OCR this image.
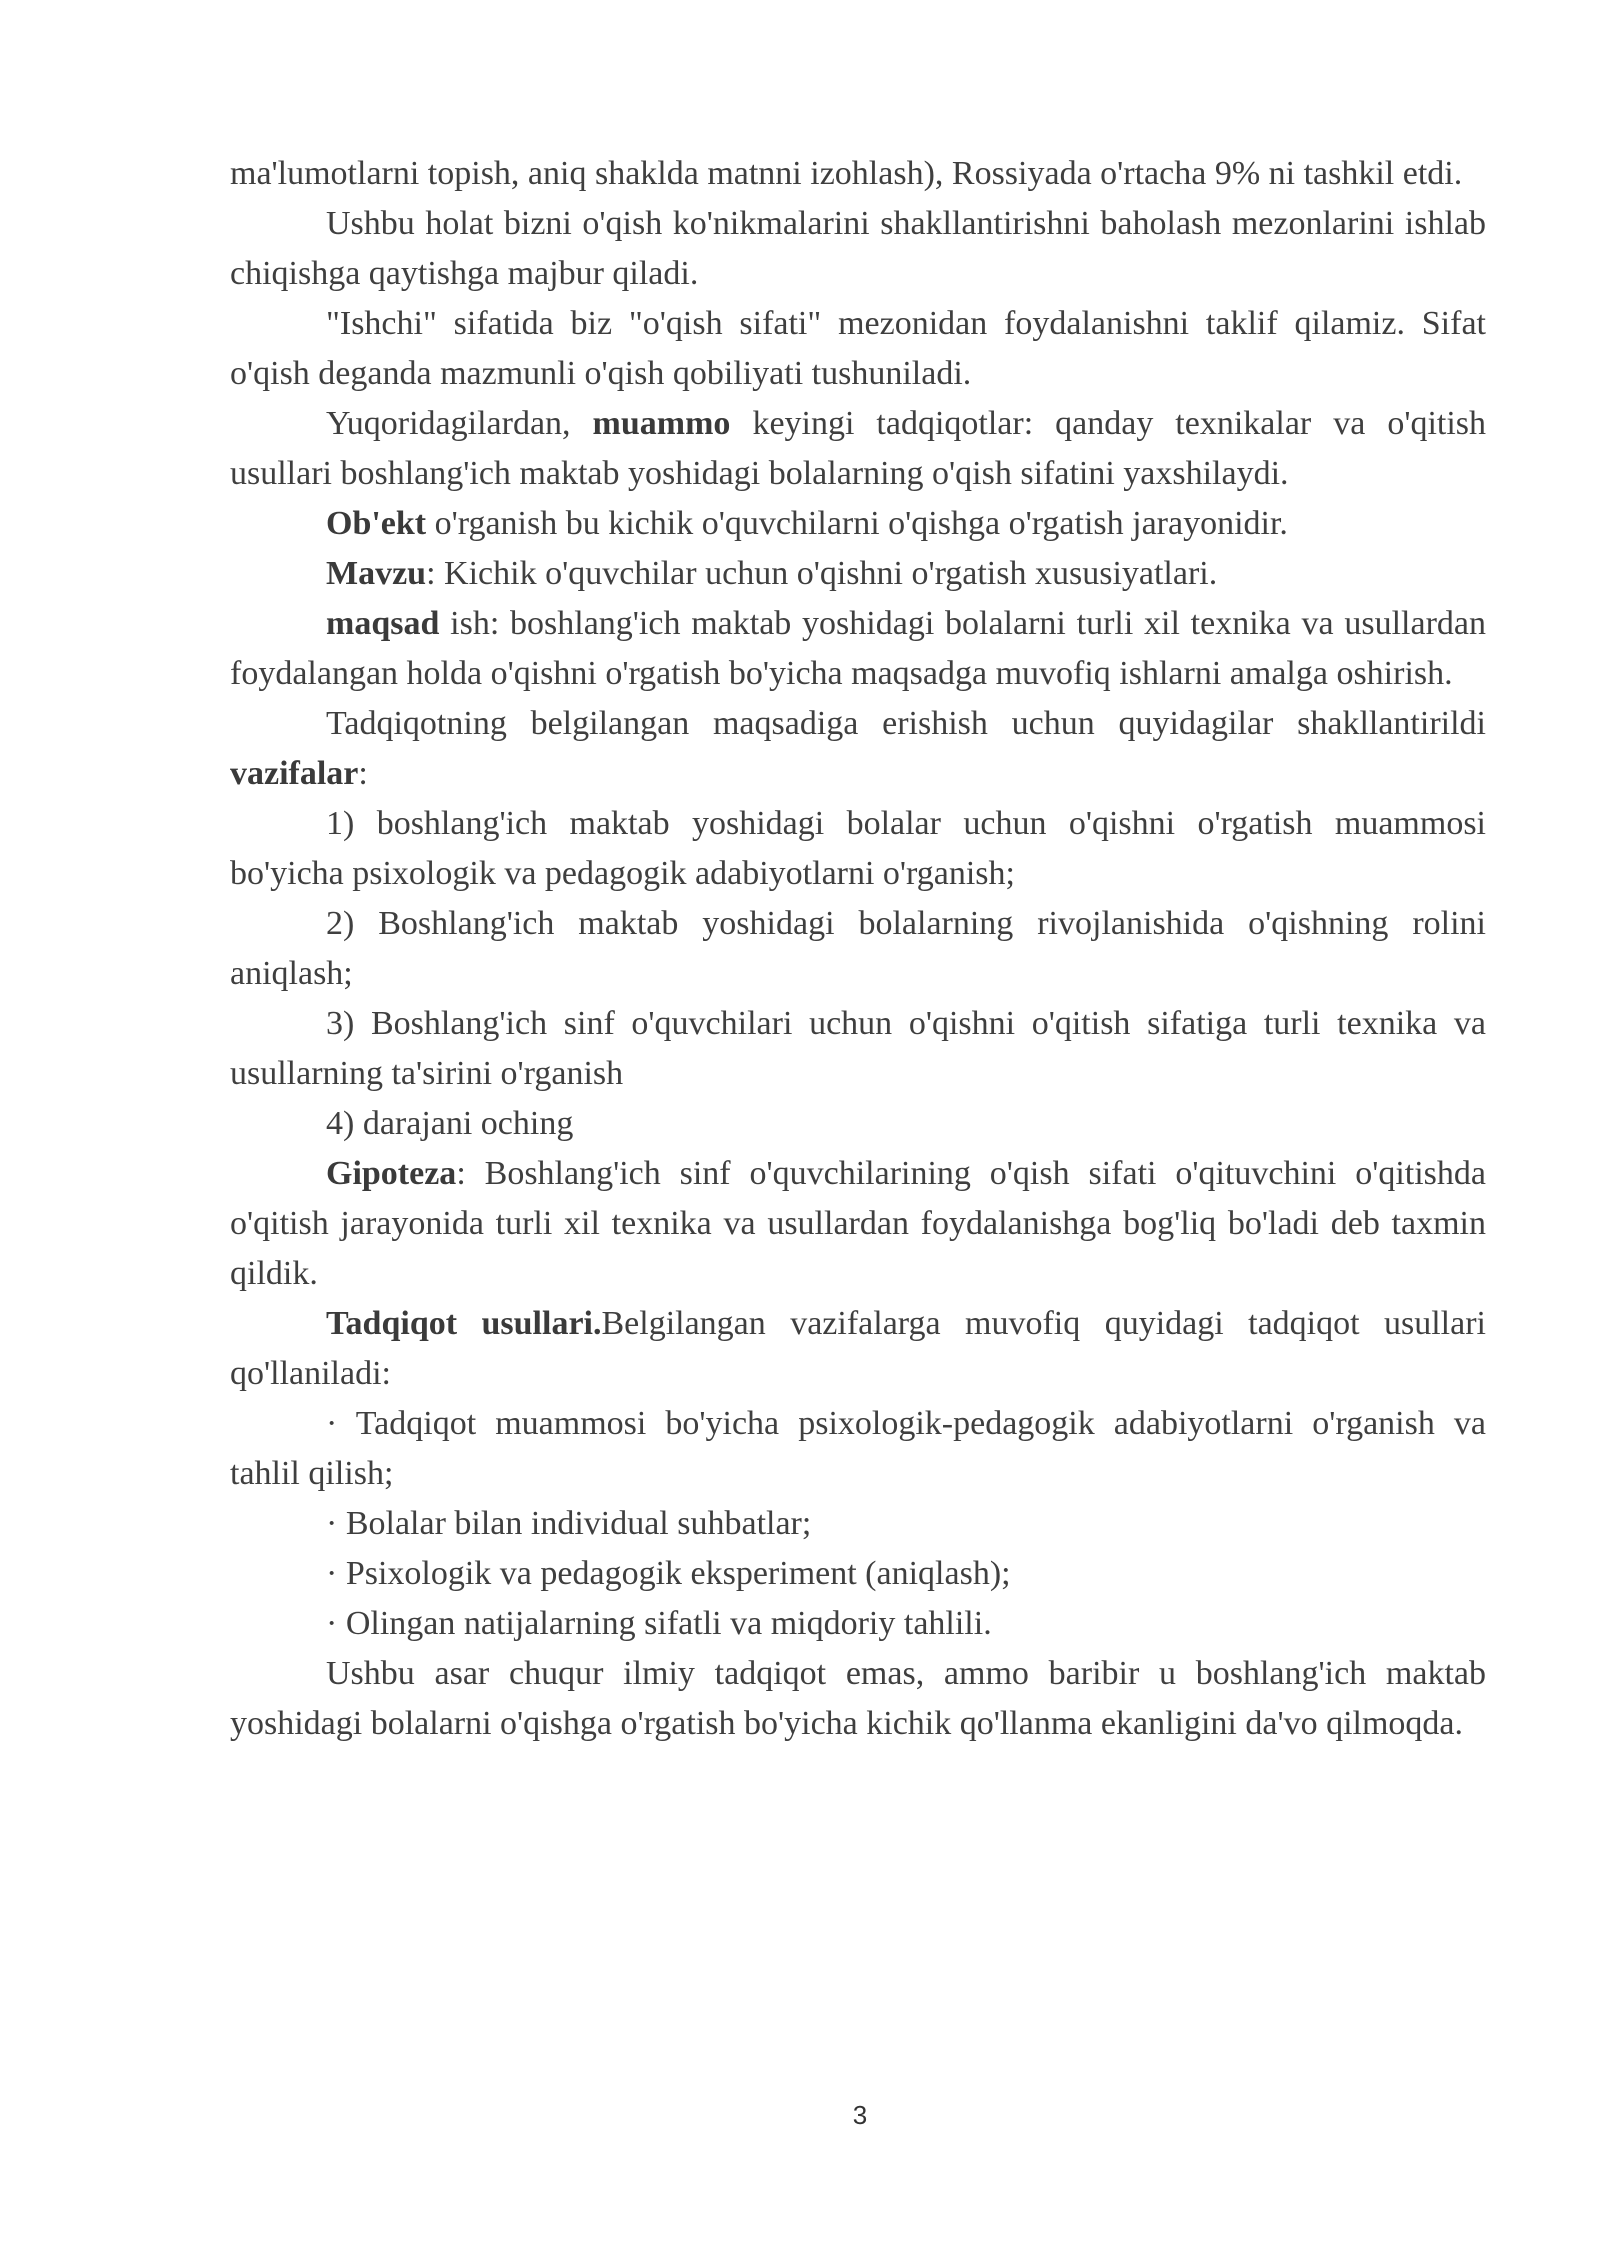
ma'lumotlarni topish, aniq shaklda matnni izohlash), Rossiyada o'rtacha 9% ni tashkil etdi.

Ushbu holat bizni o'qish ko'nikmalarini shakllantirishni baholash mezonlarini ishlab chiqishga qaytishga majbur qiladi.

"Ishchi" sifatida biz "o'qish sifati" mezonidan foydalanishni taklif qilamiz. Sifat o'qish deganda mazmunli o'qish qobiliyati tushuniladi.

Yuqoridagilardan, muammo keyingi tadqiqotlar: qanday texnikalar va o'qitish usullari boshlang'ich maktab yoshidagi bolalarning o'qish sifatini yaxshilaydi.

Ob'ekt o'rganish bu kichik o'quvchilarni o'qishga o'rgatish jarayonidir.

Mavzu: Kichik o'quvchilar uchun o'qishni o'rgatish xususiyatlari.

maqsad ish: boshlang'ich maktab yoshidagi bolalarni turli xil texnika va usullardan foydalangan holda o'qishni o'rgatish bo'yicha maqsadga muvofiq ishlarni amalga oshirish.

Tadqiqotning belgilangan maqsadiga erishish uchun quyidagilar shakllantirildi vazifalar:

1) boshlang'ich maktab yoshidagi bolalar uchun o'qishni o'rgatish muammosi bo'yicha psixologik va pedagogik adabiyotlarni o'rganish;

2) Boshlang'ich maktab yoshidagi bolalarning rivojlanishida o'qishning rolini aniqlash;

3) Boshlang'ich sinf o'quvchilari uchun o'qishni o'qitish sifatiga turli texnika va usullarning ta'sirini o'rganish

4) darajani oching

Gipoteza: Boshlang'ich sinf o'quvchilarining o'qish sifati o'qituvchini o'qitishda o'qitish jarayonida turli xil texnika va usullardan foydalanishga bog'liq bo'ladi deb taxmin qildik.

Tadqiqot usullari.Belgilangan vazifalarga muvofiq quyidagi tadqiqot usullari qo'llaniladi:

· Tadqiqot muammosi bo'yicha psixologik-pedagogik adabiyotlarni o'rganish va tahlil qilish;

· Bolalar bilan individual suhbatlar;

· Psixologik va pedagogik eksperiment (aniqlash);

· Olingan natijalarning sifatli va miqdoriy tahlili.

Ushbu asar chuqur ilmiy tadqiqot emas, ammo baribir u boshlang'ich maktab yoshidagi bolalarni o'qishga o'rgatish bo'yicha kichik qo'llanma ekanligini da'vo qilmoqda.

3
